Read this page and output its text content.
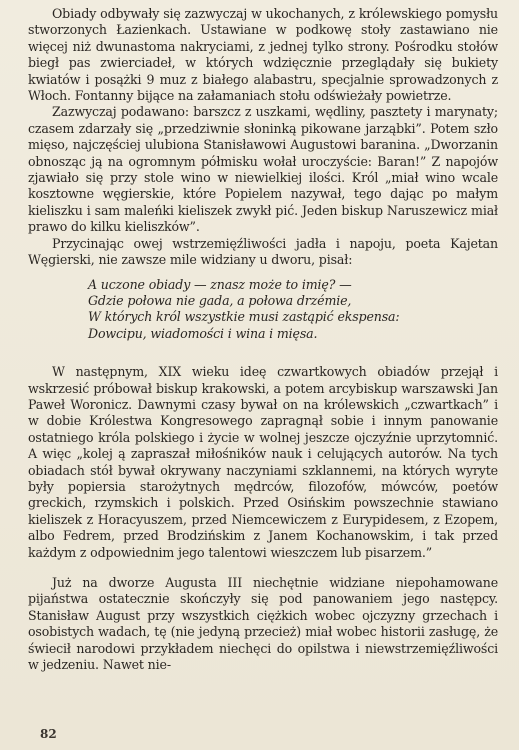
Obiady odbywały się zazwyczaj w ukochanych, z królewskiego pomysłu stworzonych Łazienkach. Ustawiane w podkowę stoły zastawiano nie więcej niż dwunastoma nakryciami, z jednej tylko strony. Pośrodku stołów biegł pas zwierciadeł, w których wdzięcznie przeglądały się bukiety kwiatów i posążki 9 muz z białego alabastru, specjalnie sprowadzonych z Włoch. Fontanny bijące na załamaniach stołu odświeżały powietrze.

Zazwyczaj podawano: barszcz z uszkami, wędliny, pasztety i marynaty; czasem zdarzały się „przedziwnie słoninką pikowane jarząbki”. Potem szło mięso, najczęściej ulubiona Stanisławowi Augustowi baranina. „Dworzanin obnosząc ją na ogromnym półmisku wołał uroczyście: Baran!” Z napojów zjawiało się przy stole wino w niewielkiej ilości. Król „miał wino wcale kosztowne węgierskie, które Popielem nazywał, tego dając po małym kieliszku i sam maleńki kieliszek zwykł pić. Jeden biskup Naruszewicz miał prawo do kilku kieliszków”.

Przycinając owej wstrzemięźliwości jadła i napoju, poeta Kajetan Węgierski, nie zawsze mile widziany u dworu, pisał:

A uczone obiady — znasz może to imię? —
Gdzie połowa nie gada, a połowa drzémie,
W których król wszystkie musi zastąpić ekspensa:
Dowcipu, wiadomości i wina i mięsa.

W następnym, XIX wieku ideę czwartkowych obiadów przejął i wskrzesić próbował biskup krakowski, a potem arcybiskup warszawski Jan Paweł Woronicz. Dawnymi czasy bywał on na królewskich „czwartkach” i w dobie Królestwa Kongresowego zapragnął sobie i innym panowanie ostatniego króla polskiego i życie w wolnej jeszcze ojczyźnie uprzytomnić. A więc „kolej ą zapraszał miłośników nauk i celujących autorów. Na tych obiadach stół bywał okrywany naczyniami szklannemi, na których wyryte były popiersia starożytnych mędrców, filozofów, mówców, poetów greckich, rzymskich i polskich. Przed Osińskim powszechnie stawiano kieliszek z Horacyuszem, przed Niemcewiczem z Eurypidesem, z Ezopem, albo Fedrem, przed Brodzińskim z Janem Kochanowskim, i tak przed każdym z odpowiednim jego talentowi wieszczem lub pisarzem.”

Już na dworze Augusta III niechętnie widziane niepohamowane pijaństwa ostatecznie skończyły się pod panowaniem jego następcy. Stanisław August przy wszystkich ciężkich wobec ojczyzny grzechach i osobistych wadach, tę (nie jedyną przecież) miał wobec historii zasługę, że świecił narodowi przykładem niechęci do opilstwa i niewstrzemięźliwości w jedzeniu. Nawet nie-

82
